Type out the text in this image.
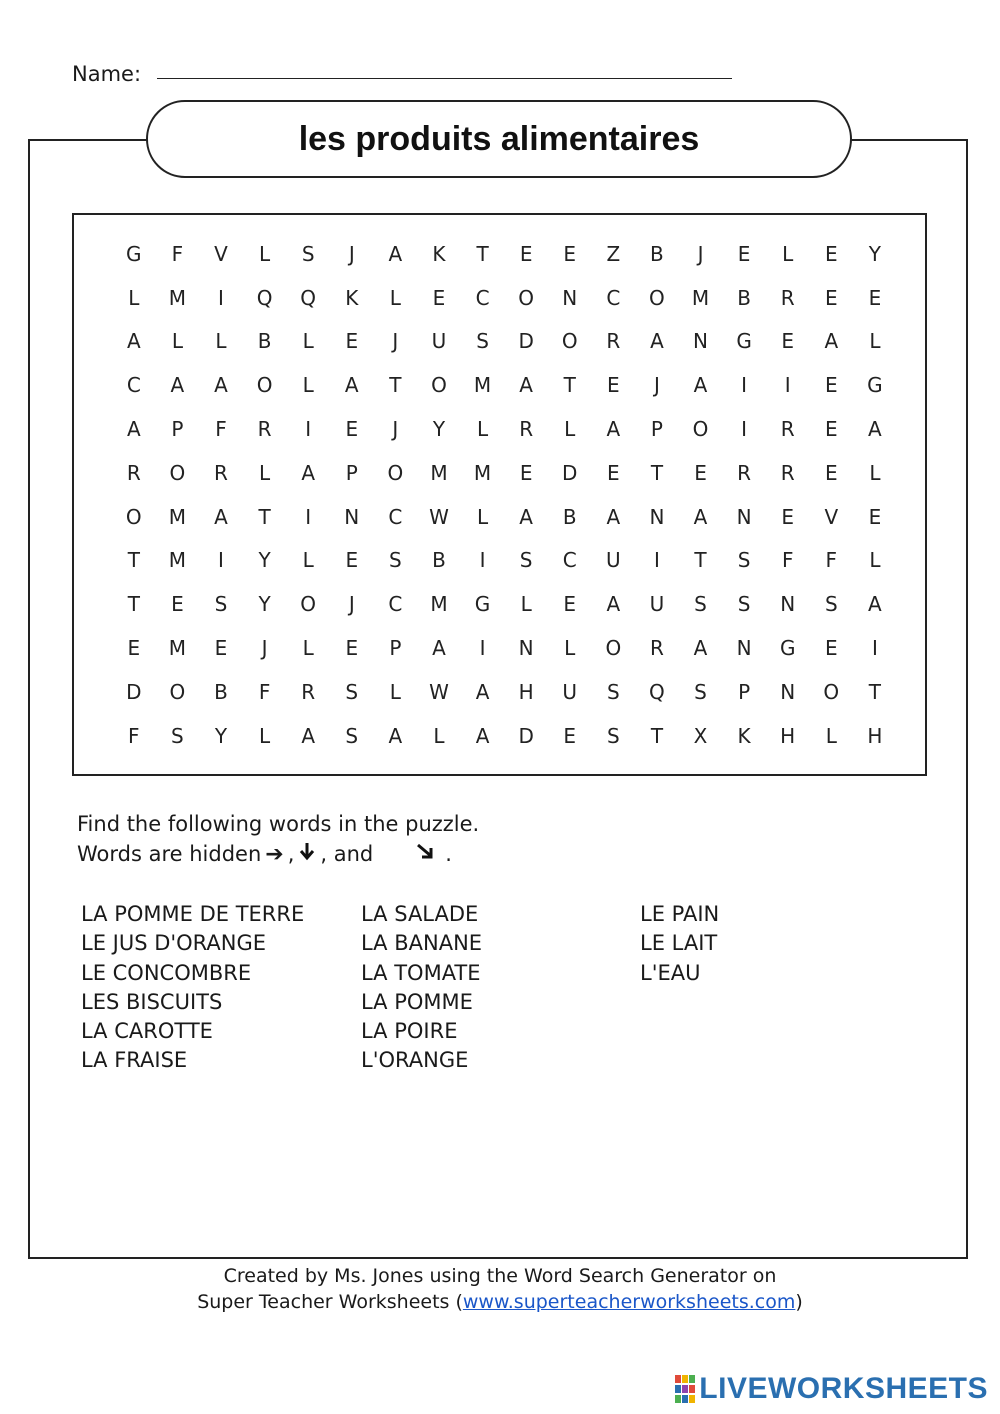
Name:
les produits alimentaires
G	F	V	L	S	J	A	K	T	E	E	Z	B	J	E	L	E	Y
L	M	I	Q	Q	K	L	E	C	O	N	C	O	M	B	R	E	E
A	L	L	B	L	E	J	U	S	D	O	R	A	N	G	E	A	L
C	A	A	O	L	A	T	O	M	A	T	E	J	A	I	I	E	G
A	P	F	R	I	E	J	Y	L	R	L	A	P	O	I	R	E	A
R	O	R	L	A	P	O	M	M	E	D	E	T	E	R	R	E	L
O	M	A	T	I	N	C	W	L	A	B	A	N	A	N	E	V	E
T	M	I	Y	L	E	S	B	I	S	C	U	I	T	S	F	F	L
T	E	S	Y	O	J	C	M	G	L	E	A	U	S	S	N	S	A
E	M	E	J	L	E	P	A	I	N	L	O	R	A	N	G	E	I
D	O	B	F	R	S	L	W	A	H	U	S	Q	S	P	N	O	T
F	S	Y	L	A	S	A	L	A	D	E	S	T	X	K	H	L	H
Find the following words in the puzzle.
Words are hidden ➔ , , and	.
LA POMME DE TERRE
LE JUS D'ORANGE
LE CONCOMBRE
LES BISCUITS
LA CAROTTE
LA FRAISE
LA SALADE
LA BANANE
LA TOMATE
LA POMME
LA POIRE
L'ORANGE
LE PAIN
LE LAIT
L'EAU
Created by Ms. Jones using the Word Search Generator on
Super Teacher Worksheets (www.superteacherworksheets.com)
LIVEWORKSHEETS
